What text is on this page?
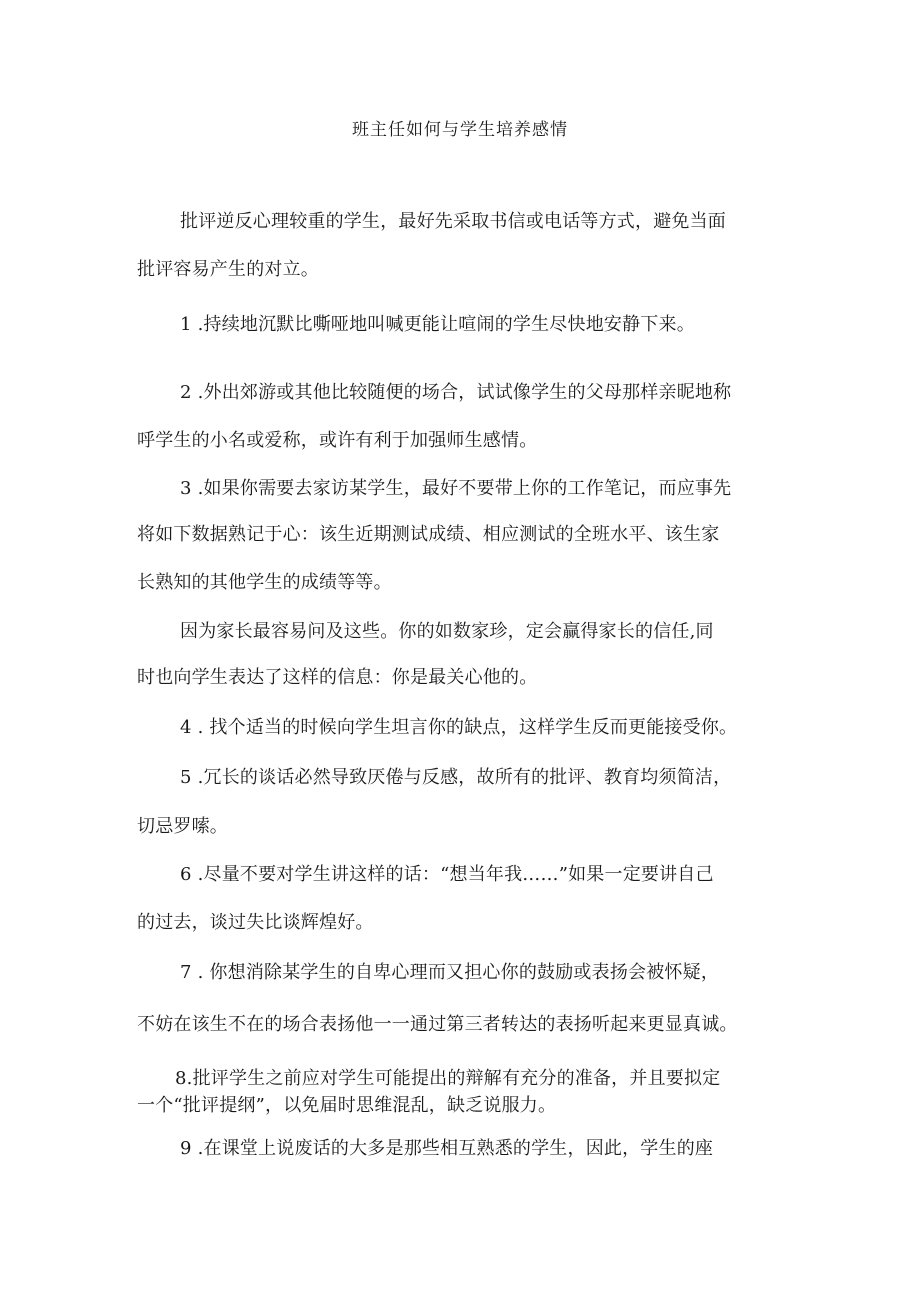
班主任如何与学生培养感情
批评逆反心理较重的学生，最好先采取书信或电话等方式，避免当面
批评容易产生的对立。
1 .持续地沉默比嘶哑地叫喊更能让喧闹的学生尽快地安静下来。
2 .外出郊游或其他比较随便的场合，试试像学生的父母那样亲昵地称
呼学生的小名或爱称，或许有利于加强师生感情。
3 .如果你需要去家访某学生，最好不要带上你的工作笔记，而应事先
将如下数据熟记于心：该生近期测试成绩、相应测试的全班水平、该生家
长熟知的其他学生的成绩等等。
因为家长最容易问及这些。你的如数家珍，定会赢得家长的信任,同
时也向学生表达了这样的信息：你是最关心他的。
4 . 找个适当的时候向学生坦言你的缺点，这样学生反而更能接受你。
5 .冗长的谈话必然导致厌倦与反感，故所有的批评、教育均须简洁，
切忌罗嗦。
6 .尽量不要对学生讲这样的话：“想当年我……”如果一定要讲自己
的过去，谈过失比谈辉煌好。
7 . 你想消除某学生的自卑心理而又担心你的鼓励或表扬会被怀疑，
不妨在该生不在的场合表扬他一一通过第三者转达的表扬听起来更显真诚。
8.批评学生之前应对学生可能提出的辩解有充分的准备，并且要拟定
一个“批评提纲”，以免届时思维混乱，缺乏说服力。
9 .在课堂上说废话的大多是那些相互熟悉的学生，因此，学生的座
